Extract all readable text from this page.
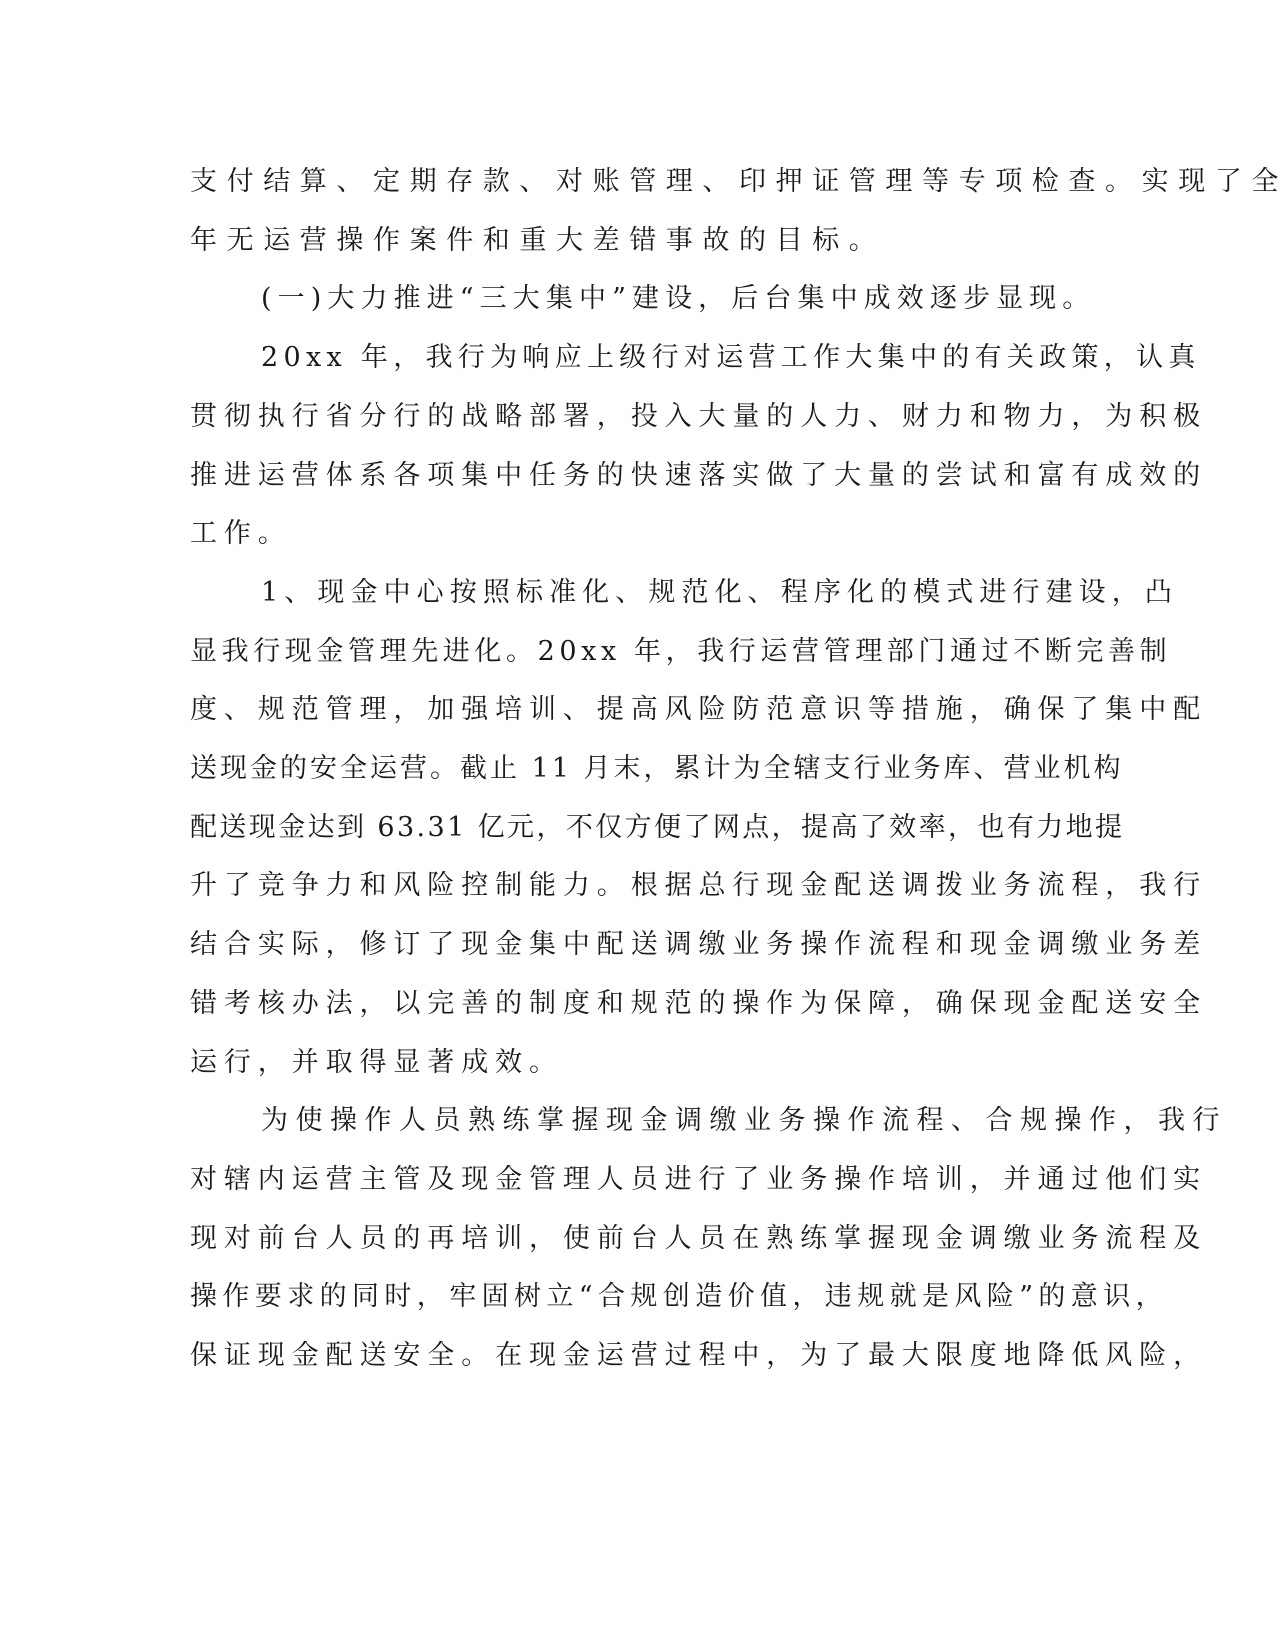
支付结算、定期存款、对账管理、印押证管理等专项检查。实现了全
年无运营操作案件和重大差错事故的目标。
(一)大力推进“三大集中”建设，后台集中成效逐步显现。
20xx 年，我行为响应上级行对运营工作大集中的有关政策，认真
贯彻执行省分行的战略部署，投入大量的人力、财力和物力，为积极
推进运营体系各项集中任务的快速落实做了大量的尝试和富有成效的
工作。
1、现金中心按照标准化、规范化、程序化的模式进行建设，凸
显我行现金管理先进化。20xx 年，我行运营管理部门通过不断完善制
度、规范管理，加强培训、提高风险防范意识等措施，确保了集中配
送现金的安全运营。截止 11 月末，累计为全辖支行业务库、营业机构
配送现金达到 63.31 亿元，不仅方便了网点，提高了效率，也有力地提
升了竞争力和风险控制能力。根据总行现金配送调拨业务流程，我行
结合实际，修订了现金集中配送调缴业务操作流程和现金调缴业务差
错考核办法，以完善的制度和规范的操作为保障，确保现金配送安全
运行，并取得显著成效。
为使操作人员熟练掌握现金调缴业务操作流程、合规操作，我行
对辖内运营主管及现金管理人员进行了业务操作培训，并通过他们实
现对前台人员的再培训，使前台人员在熟练掌握现金调缴业务流程及
操作要求的同时，牢固树立“合规创造价值，违规就是风险”的意识，
保证现金配送安全。在现金运营过程中，为了最大限度地降低风险，
